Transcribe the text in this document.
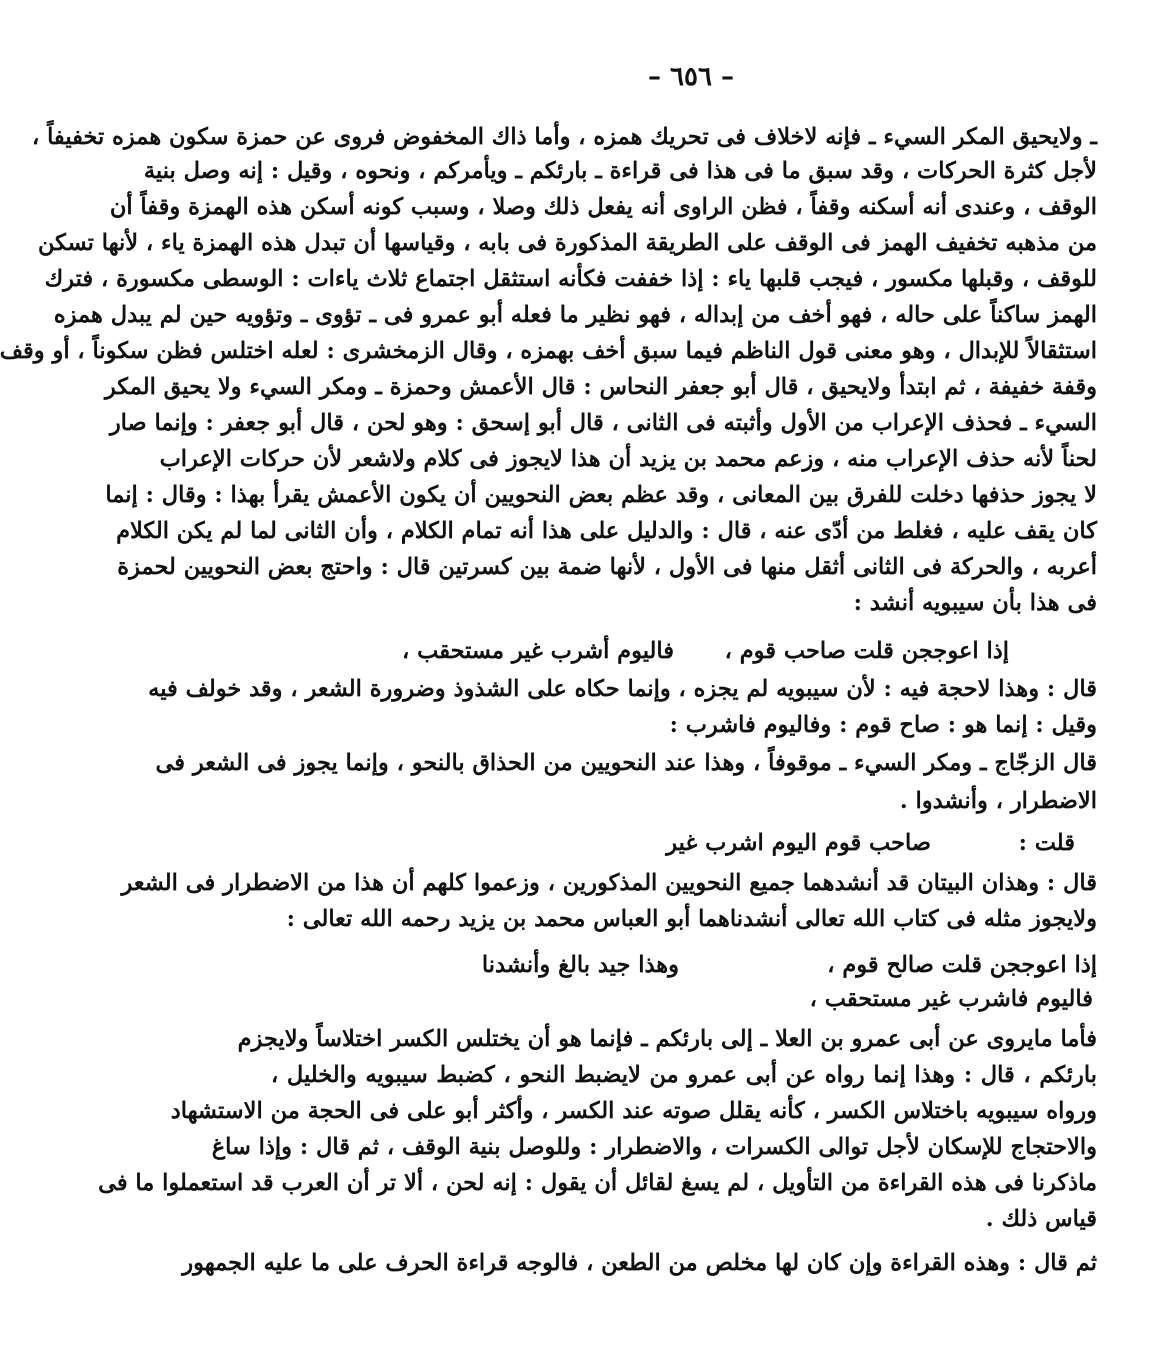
– ٦٥٦ –
ـ ولايحيق المكر السيء ـ فإنه لاخلاف فى تحريك همزه ، وأما ذاك المخفوض فروى عن حمزة سكون همزه تخفيفاً ،
لأجل كثرة الحركات ، وقد سبق ما فى هذا فى قراءة ـ بارئكم ـ ويأمركم ، ونحوه ، وقيل : إنه وصل بنية
الوقف ، وعندى أنه أسكنه وقفاً ، فظن الراوى أنه يفعل ذلك وصلا ، وسبب كونه أسكن هذه الهمزة وقفاً أن
من مذهبه تخفيف الهمز فى الوقف على الطريقة المذكورة فى بابه ، وقياسها أن تبدل هذه الهمزة ياء ، لأنها تسكن
للوقف ، وقبلها مكسور ، فيجب قلبها ياء : إذا خففت فكأنه استثقل اجتماع ثلاث ياءات : الوسطى مكسورة ، فترك
الهمز ساكناً على حاله ، فهو أخف من إبداله ، فهو نظير ما فعله أبو عمرو فى ـ تؤوى ـ وتؤويه حين لم يبدل همزه
استثقالاً للإبدال ، وهو معنى قول الناظم فيما سبق أخف بهمزه ، وقال الزمخشرى : لعله اختلس فظن سكوناً ، أو وقف
وقفة خفيفة ، ثم ابتدأ ولايحيق ، قال أبو جعفر النحاس : قال الأعمش وحمزة ـ ومكر السيء ولا يحيق المكر
السيء ـ فحذف الإعراب من الأول وأثبته فى الثانى ، قال أبو إسحق : وهو لحن ، قال أبو جعفر : وإنما صار
لحناً لأنه حذف الإعراب منه ، وزعم محمد بن يزيد أن هذا لايجوز فى كلام ولاشعر لأن حركات الإعراب
لا يجوز حذفها دخلت للفرق بين المعانى ، وقد عظم بعض النحويين أن يكون الأعمش يقرأ بهذا : وقال : إنما
كان يقف عليه ، فغلط من أدّى عنه ، قال : والدليل على هذا أنه تمام الكلام ، وأن الثانى لما لم يكن الكلام
أعربه ، والحركة فى الثانى أثقل منها فى الأول ، لأنها ضمة بين كسرتين قال : واحتج بعض النحويين لحمزة
فى هذا بأن سيبويه أنشد :
إذا اعوججن قلت صاحب قوم ،
فاليوم أشرب غير مستحقب ،
قال : وهذا لاحجة فيه : لأن سيبويه لم يجزه ، وإنما حكاه على الشذوذ وضرورة الشعر ، وقد خولف فيه
وقيل : إنما هو : صاح قوم : وفاليوم فاشرب :
قال الزجّاج ـ ومكر السيء ـ موقوفاً ، وهذا عند النحويين من الحذاق بالنحو ، وإنما يجوز فى الشعر فى
الاضطرار ، وأنشدوا .
قلت :
صاحب قوم اليوم اشرب غير
قال : وهذان البيتان قد أنشدهما جميع النحويين المذكورين ، وزعموا كلهم أن هذا من الاضطرار فى الشعر
ولايجوز مثله فى كتاب الله تعالى أنشدناهما أبو العباس محمد بن يزيد رحمه الله تعالى :
إذا اعوججن قلت صالح قوم ،
وهذا جيد بالغ وأنشدنا
فاليوم فاشرب غير مستحقب ،
فأما مايروى عن أبى عمرو بن العلا ـ إلى بارئكم ـ فإنما هو أن يختلس الكسر اختلاساً ولايجزم
بارئكم ، قال : وهذا إنما رواه عن أبى عمرو من لايضبط النحو ، كضبط سيبويه والخليل ،
ورواه سيبويه باختلاس الكسر ، كأنه يقلل صوته عند الكسر ، وأكثر أبو على فى الحجة من الاستشهاد
والاحتجاج للإسكان لأجل توالى الكسرات ، والاضطرار : وللوصل بنية الوقف ، ثم قال : وإذا ساغ
ماذكرنا فى هذه القراءة من التأويل ، لم يسغ لقائل أن يقول : إنه لحن ، ألا تر أن العرب قد استعملوا ما فى
قياس ذلك .
ثم قال : وهذه القراءة وإن كان لها مخلص من الطعن ، فالوجه قراءة الحرف على ما عليه الجمهور
